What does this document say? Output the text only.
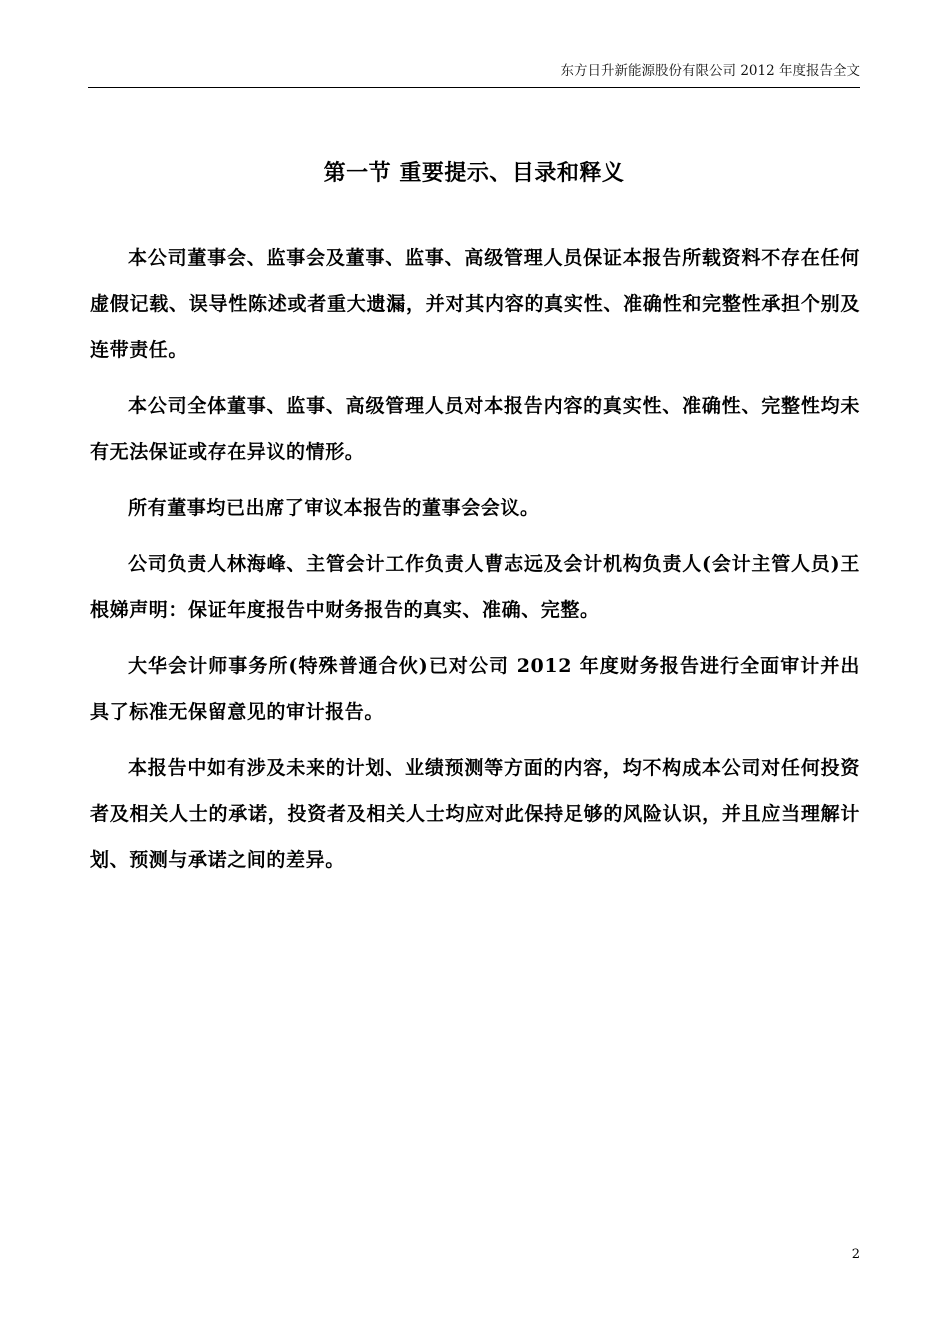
东方日升新能源股份有限公司 2012 年度报告全文
第一节 重要提示、目录和释义

本公司董事会、监事会及董事、监事、高级管理人员保证本报告所载资料不存在任何虚假记载、误导性陈述或者重大遗漏，并对其内容的真实性、准确性和完整性承担个别及连带责任。

本公司全体董事、监事、高级管理人员对本报告内容的真实性、准确性、完整性均未有无法保证或存在异议的情形。

所有董事均已出席了审议本报告的董事会会议。

公司负责人林海峰、主管会计工作负责人曹志远及会计机构负责人(会计主管人员)王根娣声明：保证年度报告中财务报告的真实、准确、完整。

大华会计师事务所(特殊普通合伙)已对公司 2012 年度财务报告进行全面审计并出具了标准无保留意见的审计报告。

本报告中如有涉及未来的计划、业绩预测等方面的内容，均不构成本公司对任何投资者及相关人士的承诺，投资者及相关人士均应对此保持足够的风险认识，并且应当理解计划、预测与承诺之间的差异。

2
